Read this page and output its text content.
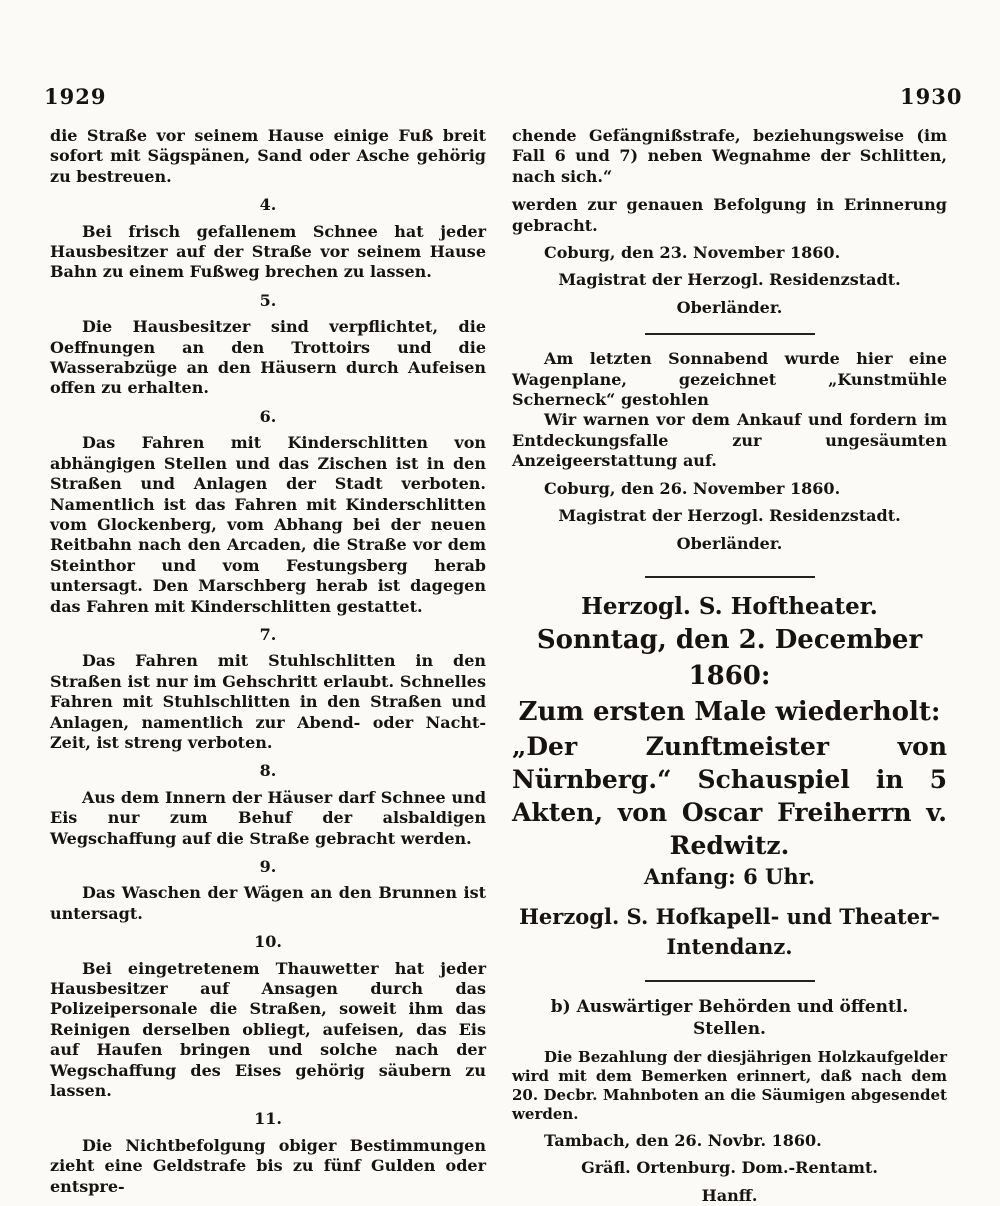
1929	1930

die Straße vor seinem Hause einige Fuß breit sofort mit Sägspänen, Sand oder Asche gehörig zu bestreuen.

4.

Bei frisch gefallenem Schnee hat jeder Hausbesitzer auf der Straße vor seinem Hause Bahn zu einem Fußweg brechen zu lassen.

5.

Die Hausbesitzer sind verpflichtet, die Oeffnungen an den Trottoirs und die Wasserabzüge an den Häusern durch Aufeisen offen zu erhalten.

6.

Das Fahren mit Kinderschlitten von abhängigen Stellen und das Zischen ist in den Straßen und Anlagen der Stadt verboten. Namentlich ist das Fahren mit Kinderschlitten vom Glockenberg, vom Abhang bei der neuen Reitbahn nach den Arcaden, die Straße vor dem Steinthor und vom Festungsberg herab untersagt. Den Marschberg herab ist dagegen das Fahren mit Kinderschlitten gestattet.

7.

Das Fahren mit Stuhlschlitten in den Straßen ist nur im Gehschritt erlaubt. Schnelles Fahren mit Stuhlschlitten in den Straßen und Anlagen, namentlich zur Abend- oder Nacht-Zeit, ist streng verboten.

8.

Aus dem Innern der Häuser darf Schnee und Eis nur zum Behuf der alsbaldigen Wegschaffung auf die Straße gebracht werden.

9.

Das Waschen der Wägen an den Brunnen ist untersagt.

10.

Bei eingetretenem Thauwetter hat jeder Hausbesitzer auf Ansagen durch das Polizeipersonale die Straßen, soweit ihm das Reinigen derselben obliegt, aufeisen, das Eis auf Haufen bringen und solche nach der Wegschaffung des Eises gehörig säubern zu lassen.

11.

Die Nichtbefolgung obiger Bestimmungen zieht eine Geldstrafe bis zu fünf Gulden oder entspre-

chende Gefängnißstrafe, beziehungsweise (im Fall 6 und 7) neben Wegnahme der Schlitten, nach sich.“

werden zur genauen Befolgung in Erinnerung gebracht.

Coburg, den 23. November 1860.

Magistrat der Herzogl. Residenzstadt.

Oberländer.

Am letzten Sonnabend wurde hier eine Wagenplane, gezeichnet „Kunstmühle Scherneck“ gestohlen

Wir warnen vor dem Ankauf und fordern im Entdeckungsfalle zur ungesäumten Anzeigeerstattung auf.

Coburg, den 26. November 1860.

Magistrat der Herzogl. Residenzstadt.

Oberländer.

Herzogl. S. Hoftheater.
Sonntag, den 2. December 1860:
Zum ersten Male wiederholt:
„Der Zunftmeister von Nürnberg.“ Schauspiel in 5 Akten, von Oscar Freiherrn v. Redwitz.
Anfang: 6 Uhr.
Herzogl. S. Hofkapell- und Theater-Intendanz.
b) Auswärtiger Behörden und öffentl. Stellen.

Die Bezahlung der diesjährigen Holzkaufgelder wird mit dem Bemerken erinnert, daß nach dem 20. Decbr. Mahnboten an die Säumigen abgesendet werden.

Tambach, den 26. Novbr. 1860.

Gräfl. Ortenburg. Dom.-Rentamt.

Hanff.
